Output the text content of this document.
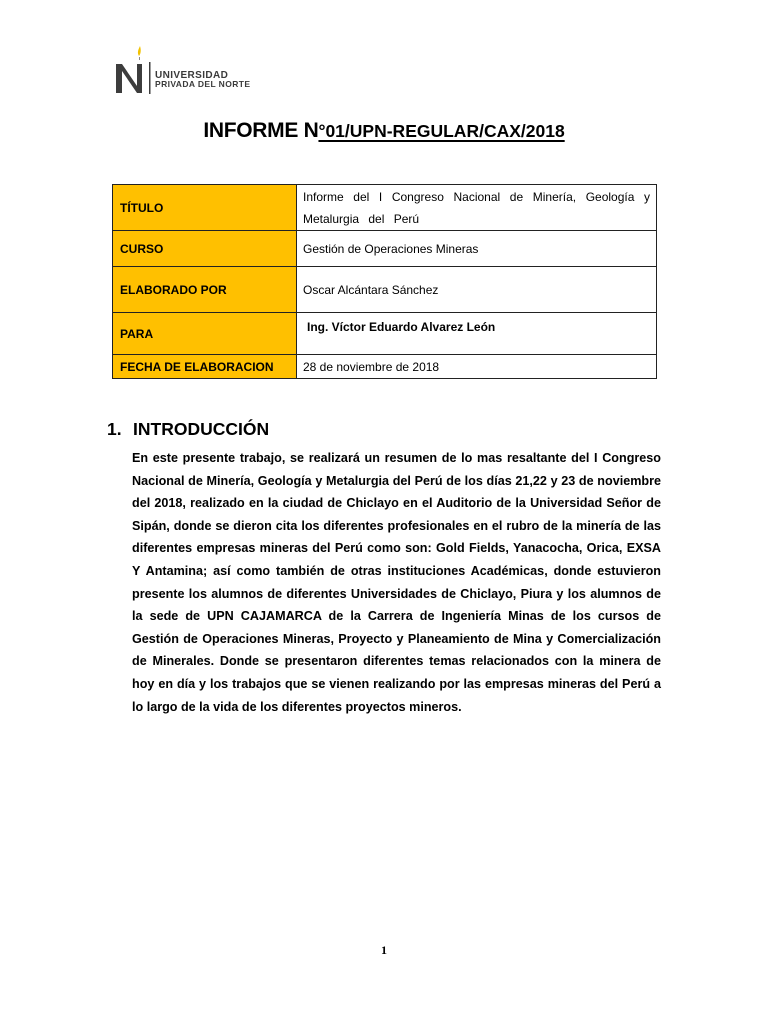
UNIVERSIDAD
PRIVADA DEL NORTE
INFORME N°01/UPN-REGULAR/CAX/2018
TÍTULO	Informe del I Congreso Nacional de Minería, Geología y Metalurgia del Perú

CURSO	Gestión de Operaciones Mineras
ELABORADO POR	Oscar Alcántara Sánchez
PARA	Ing. Víctor Eduardo Alvarez León
FECHA DE ELABORACION	28 de noviembre de 2018
1. INTRODUCCIÓN
En este presente trabajo, se realizará un resumen de lo mas resaltante del I Congreso Nacional de Minería, Geología y Metalurgia del Perú de los días 21,22 y 23 de noviembre del 2018, realizado en la ciudad de Chiclayo en el Auditorio de la Universidad Señor de Sipán, donde se dieron cita los diferentes profesionales en el rubro de la minería de las diferentes empresas mineras del Perú como son: Gold Fields, Yanacocha, Orica, EXSA Y Antamina; así como también de otras instituciones Académicas, donde estuvieron presente los alumnos de diferentes Universidades de Chiclayo, Piura y los alumnos de la sede de UPN CAJAMARCA de la Carrera de Ingeniería Minas de los cursos de Gestión de Operaciones Mineras, Proyecto y Planeamiento de Mina y Comercialización de Minerales. Donde se presentaron diferentes temas relacionados con la minera de hoy en día y los trabajos que se vienen realizando por las empresas mineras del Perú a lo largo de la vida de los diferentes proyectos mineros.
1
